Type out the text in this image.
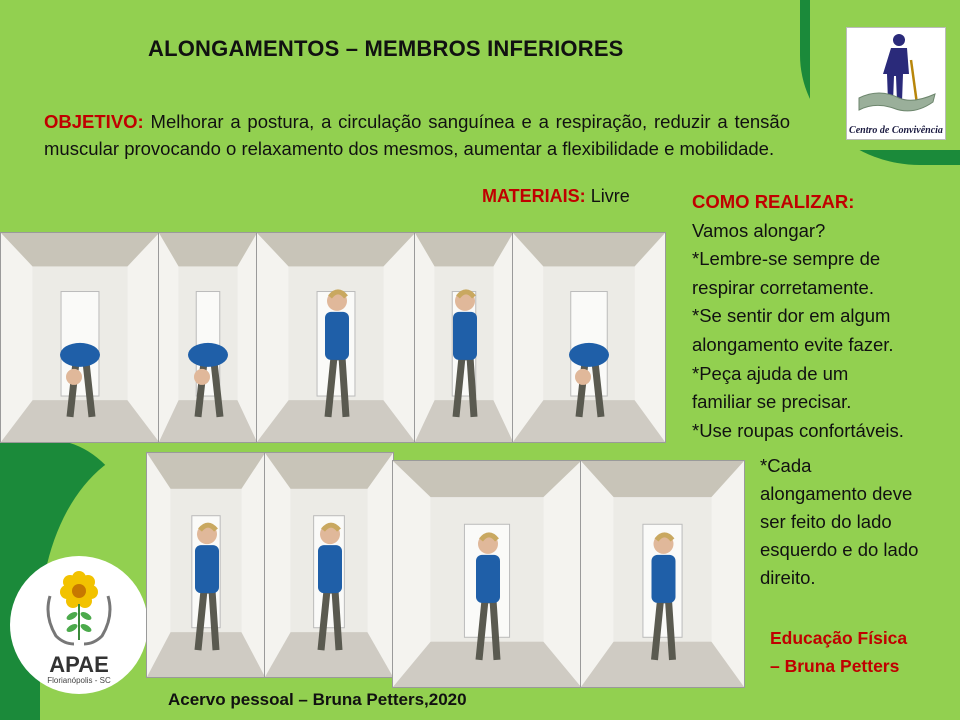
ALONGAMENTOS – MEMBROS INFERIORES
OBJETIVO: Melhorar a postura, a circulação sanguínea e a respiração, reduzir a tensão muscular provocando o relaxamento dos mesmos, aumentar a flexibilidade e mobilidade.
MATERIAIS: Livre	COMO REALIZAR:
Vamos alongar?
*Lembre-se sempre de
respirar corretamente.
*Se sentir dor em algum
alongamento evite fazer.
*Peça ajuda de um
familiar se precisar.
*Use roupas confortáveis.
*Cada
alongamento deve
ser feito do lado
esquerdo e do lado
direito.
Educação Física
– Bruna Petters
Acervo pessoal – Bruna Petters,2020
Centro de Convivência
APAE
Florianópolis - SC
